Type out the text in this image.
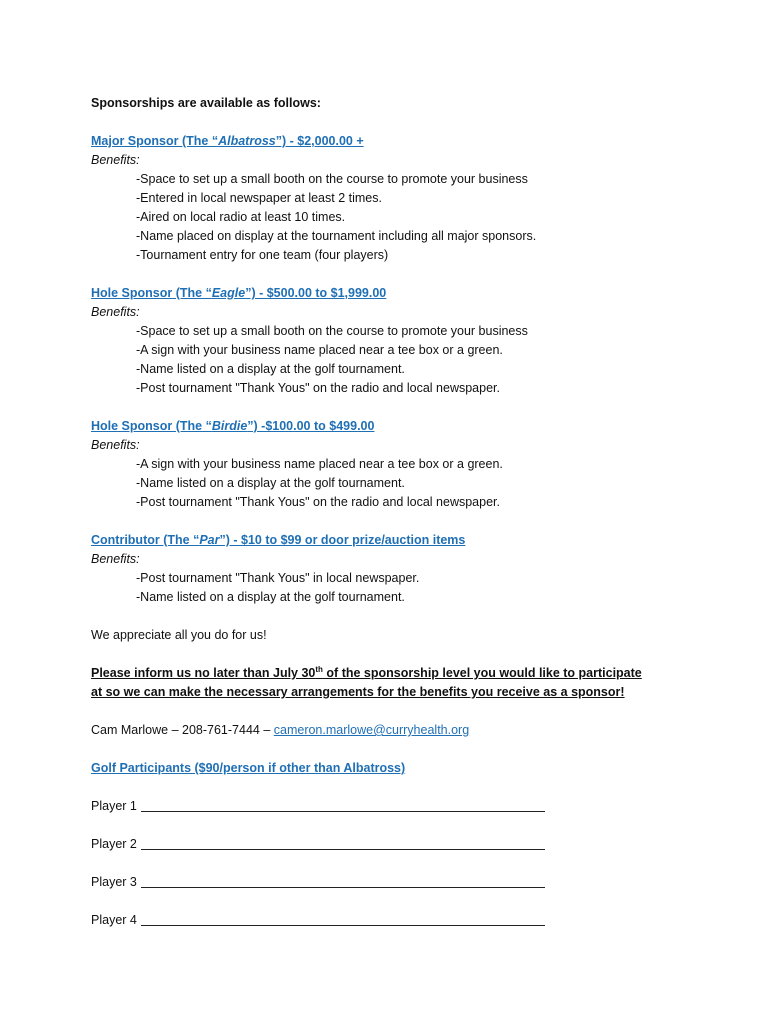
Sponsorships are available as follows:
Major Sponsor (The “Albatross”) - $2,000.00 +
Benefits:
-Space to set up a small booth on the course to promote your business
-Entered in local newspaper at least 2 times.
-Aired on local radio at least 10 times.
-Name placed on display at the tournament including all major sponsors.
-Tournament entry for one team (four players)
Hole Sponsor (The “Eagle”) - $500.00 to $1,999.00
Benefits:
-Space to set up a small booth on the course to promote your business
-A sign with your business name placed near a tee box or a green.
-Name listed on a display at the golf tournament.
-Post tournament "Thank Yous" on the radio and local newspaper.
Hole Sponsor (The “Birdie”) -$100.00 to $499.00
Benefits:
-A sign with your business name placed near a tee box or a green.
-Name listed on a display at the golf tournament.
-Post tournament "Thank Yous" on the radio and local newspaper.
Contributor (The “Par”) - $10 to $99 or door prize/auction items
Benefits:
-Post tournament "Thank Yous" in local newspaper.
-Name listed on a display at the golf tournament.
We appreciate all you do for us!
Please inform us no later than July 30th of the sponsorship level you would like to participate
at so we can make the necessary arrangements for the benefits you receive as a sponsor!
Cam Marlowe – 208-761-7444 – cameron.marlowe@curryhealth.org
Golf Participants ($90/person if other than Albatross)
Player 1
Player 2
Player 3
Player 4
